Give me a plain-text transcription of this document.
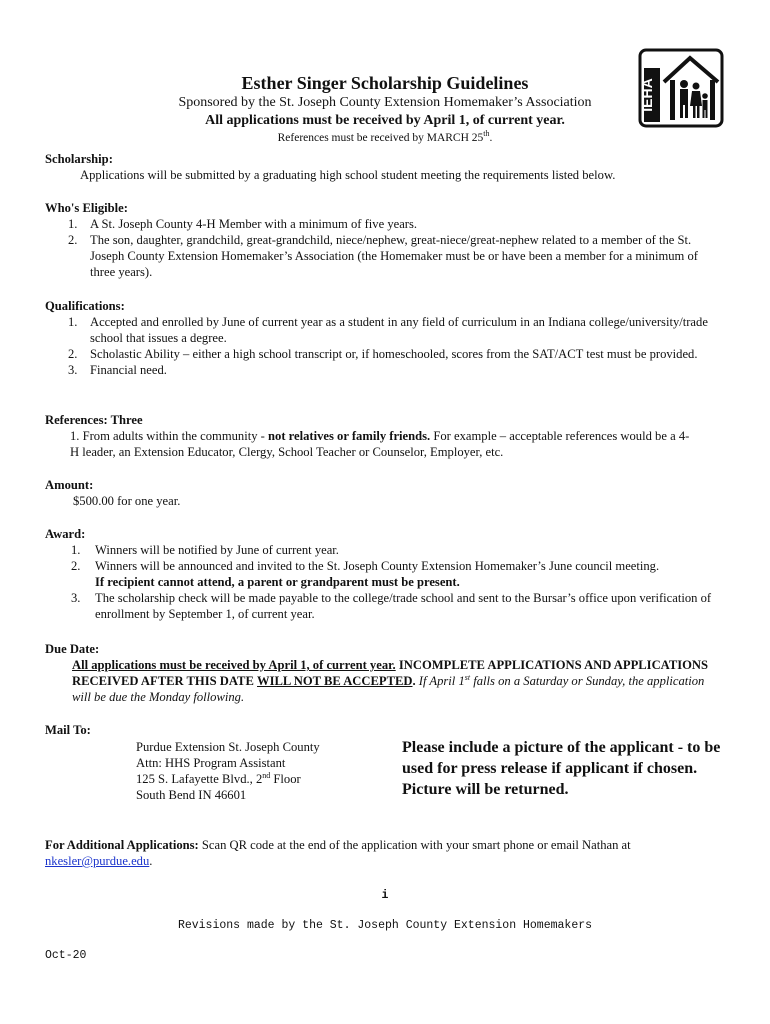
IEHA
Esther Singer Scholarship Guidelines
Sponsored by the St. Joseph County Extension Homemaker’s Association
All applications must be received by April 1, of current year.
References must be received by MARCH 25th.
Scholarship:
Applications will be submitted by a graduating high school student meeting the requirements listed below.
Who's Eligible:
1. A St. Joseph County 4-H Member with a minimum of five years.
2. The son, daughter, grandchild, great-grandchild, niece/nephew, great-niece/great-nephew related to a member of the St. Joseph County Extension Homemaker’s Association (the Homemaker must be or have been a member for a minimum of three years).
Qualifications:
1. Accepted and enrolled by June of current year as a student in any field of curriculum in an Indiana college/university/trade school that issues a degree.
2. Scholastic Ability – either a high school transcript or, if homeschooled, scores from the SAT/ACT test must be provided.
3. Financial need.
References: Three
1. From adults within the community - not relatives or family friends. For example – acceptable references would be a 4-H leader, an Extension Educator, Clergy, School Teacher or Counselor, Employer, etc.
Amount:
$500.00 for one year.
Award:
1. Winners will be notified by June of current year.
2. Winners will be announced and invited to the St. Joseph County Extension Homemaker’s June council meeting.
If recipient cannot attend, a parent or grandparent must be present.
3. The scholarship check will be made payable to the college/trade school and sent to the Bursar’s office upon verification of enrollment by September 1, of current year.
Due Date:
All applications must be received by April 1, of current year. INCOMPLETE APPLICATIONS AND APPLICATIONS RECEIVED AFTER THIS DATE WILL NOT BE ACCEPTED. If April 1st falls on a Saturday or Sunday, the application will be due the Monday following.
Mail To:
Purdue Extension St. Joseph County
Attn: HHS Program Assistant
125 S. Lafayette Blvd., 2nd Floor
South Bend IN 46601
Please include a picture of the applicant - to be used for press release if applicant if chosen. Picture will be returned.
For Additional Applications: Scan QR code at the end of the application with your smart phone or email Nathan at nkesler@purdue.edu.
i
Revisions made by the St. Joseph County Extension Homemakers
Oct-20
